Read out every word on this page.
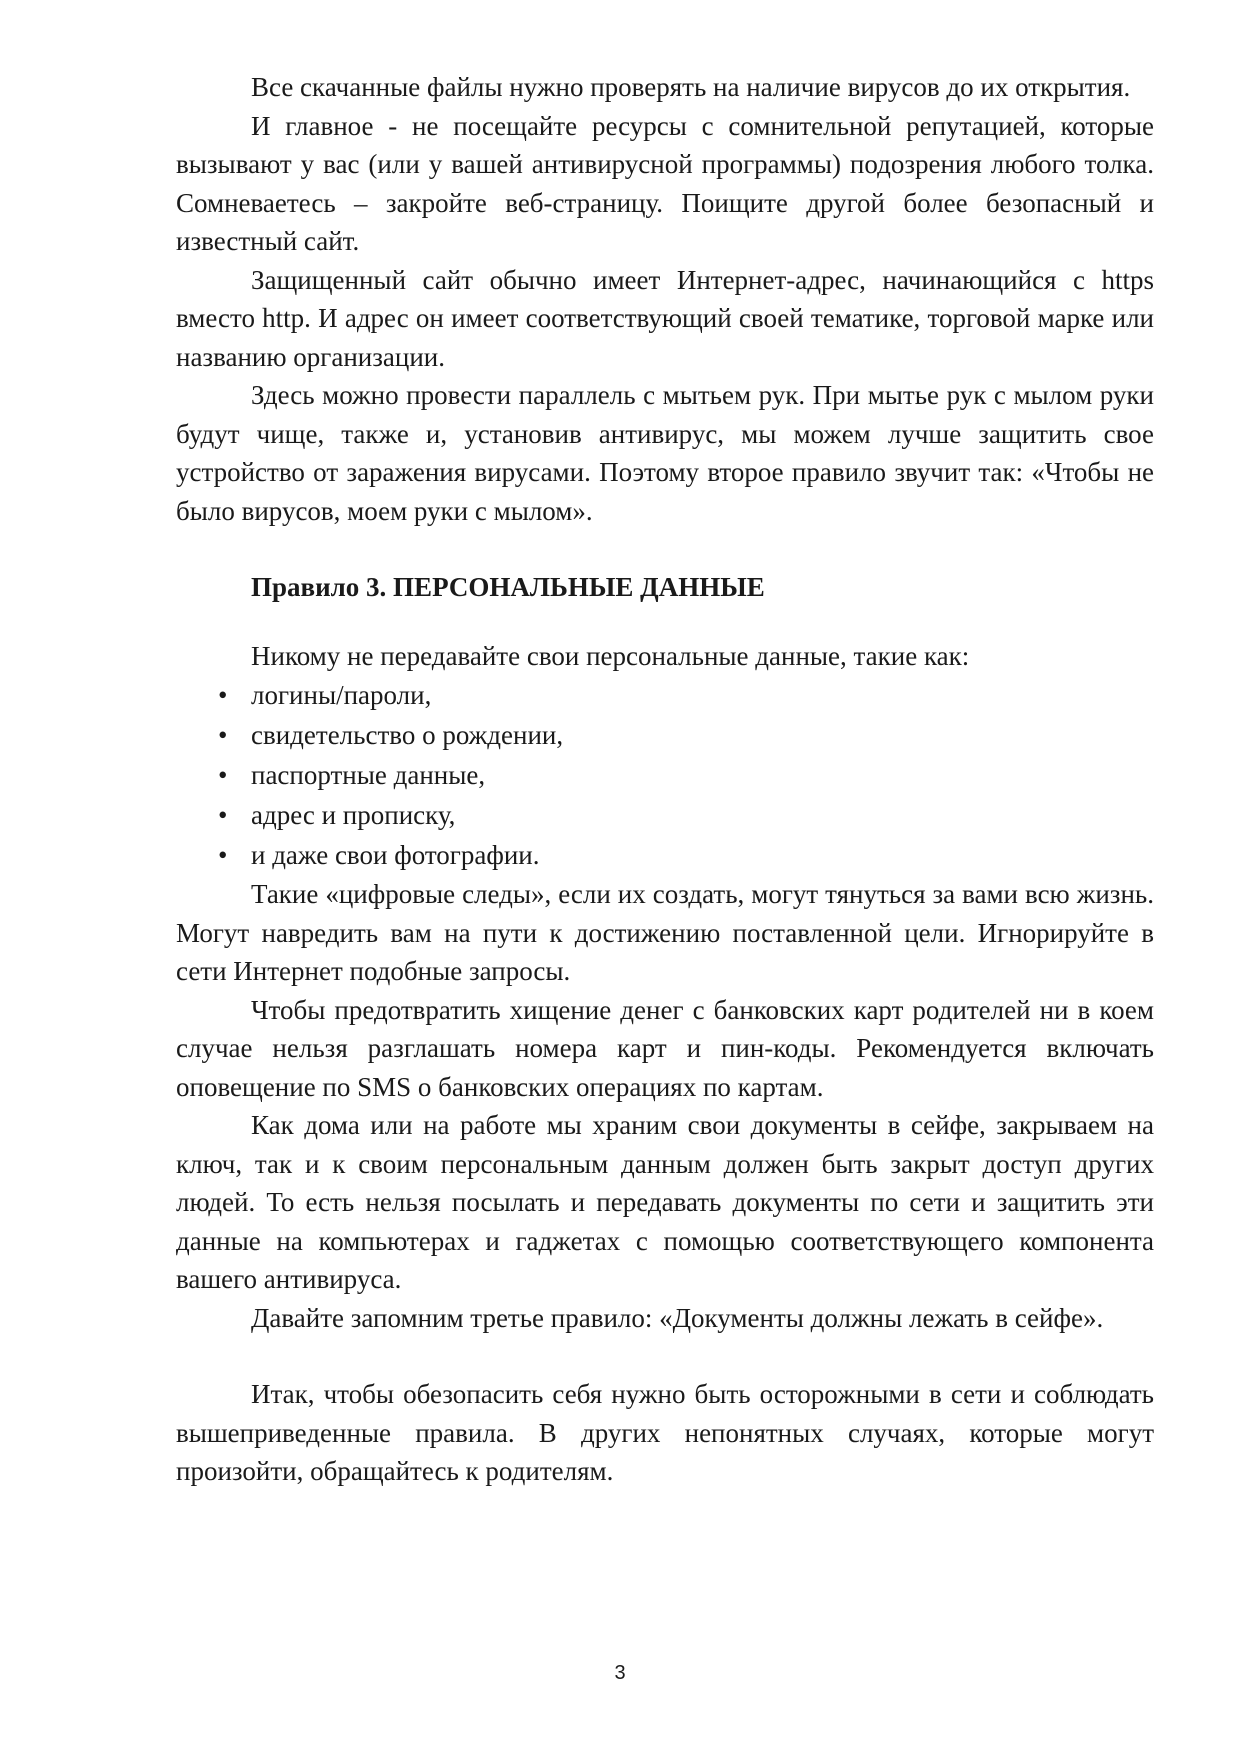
Все скачанные файлы нужно проверять на наличие вирусов до их открытия.

И главное - не посещайте ресурсы с сомнительной репутацией, которые вызывают у вас (или у вашей антивирусной программы) подозрения любого толка. Сомневаетесь – закройте веб-страницу. Поищите другой более безопасный и известный сайт.

Защищенный сайт обычно имеет Интернет-адрес, начинающийся с https вместо http. И адрес он имеет соответствующий своей тематике, торговой марке или названию организации.

Здесь можно провести параллель с мытьем рук. При мытье рук с мылом руки будут чище, также и, установив антивирус, мы можем лучше защитить свое устройство от заражения вирусами. Поэтому второе правило звучит так: «Чтобы не было вирусов, моем руки с мылом».

Правило 3. ПЕРСОНАЛЬНЫЕ ДАННЫЕ

Никому не передавайте свои персональные данные, такие как:

• логины/пароли,
• свидетельство о рождении,
• паспортные данные,
• адрес и прописку,
• и даже свои фотографии.

Такие «цифровые следы», если их создать, могут тянуться за вами всю жизнь. Могут навредить вам на пути к достижению поставленной цели. Игнорируйте в сети Интернет подобные запросы.

Чтобы предотвратить хищение денег с банковских карт родителей ни в коем случае нельзя разглашать номера карт и пин-коды. Рекомендуется включать оповещение по SMS о банковских операциях по картам.

Как дома или на работе мы храним свои документы в сейфе, закрываем на ключ, так и к своим персональным данным должен быть закрыт доступ других людей. То есть нельзя посылать и передавать документы по сети и защитить эти данные на компьютерах и гаджетах с помощью соответствующего компонента вашего антивируса.

Давайте запомним третье правило: «Документы должны лежать в сейфе».

Итак, чтобы обезопасить себя нужно быть осторожными в сети и соблюдать вышеприведенные правила. В других непонятных случаях, которые могут произойти, обращайтесь к родителям.

3
